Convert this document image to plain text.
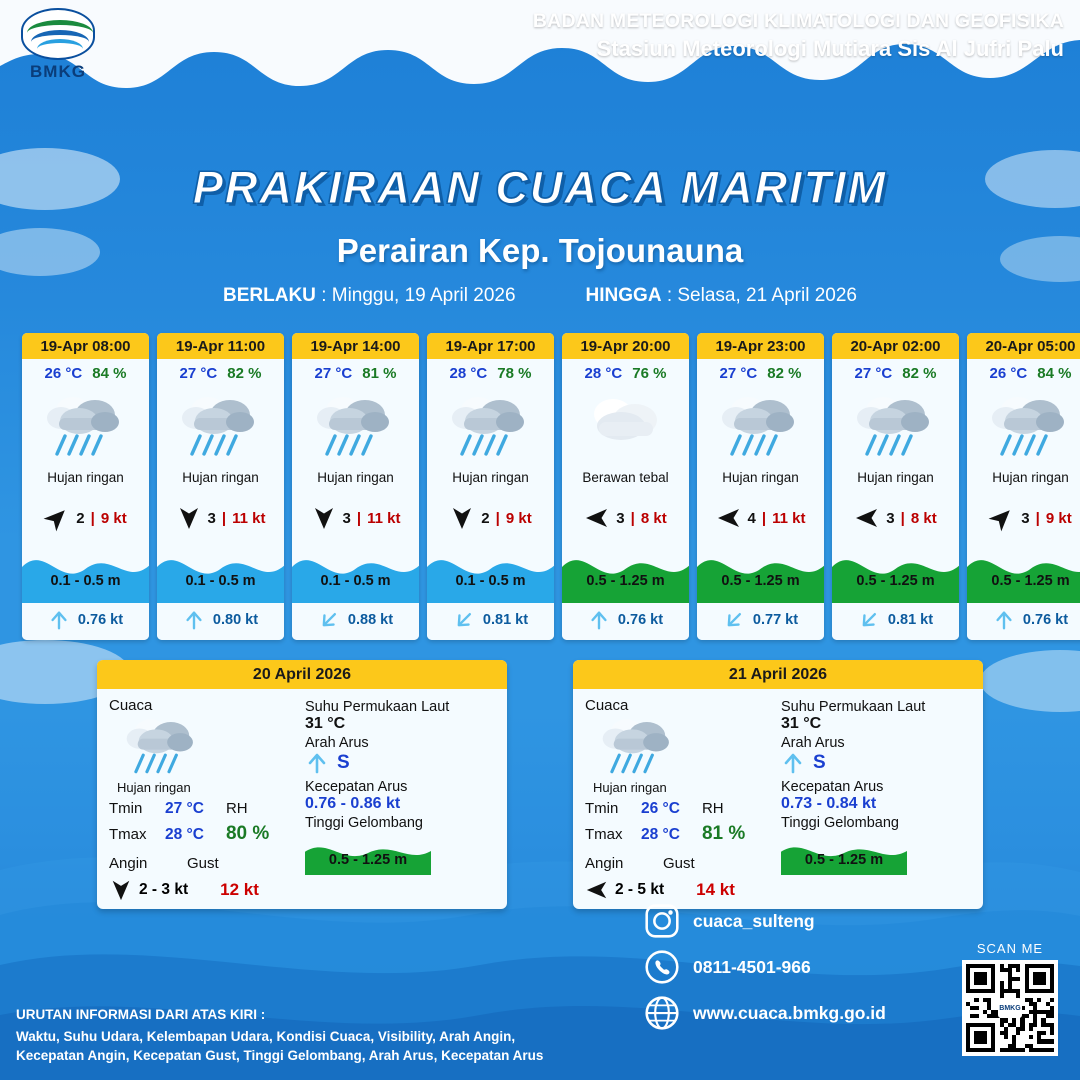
BMKG
BADAN METEOROLOGI KLIMATOLOGI DAN GEOFISIKA
Stasiun Meteorologi Mutiara Sis Al Jufri Palu
PRAKIRAAN CUACA MARITIM
Perairan Kep. Tojounauna
BERLAKU : Minggu, 19 April 2026	HINGGA : Selasa, 21 April 2026
19-Apr 08:00
26 °C 84 %
Hujan ringan
2 | 9 kt
0.1 - 0.5 m
0.76 kt
19-Apr 11:00
27 °C 82 %
Hujan ringan
3 | 11 kt
0.1 - 0.5 m
0.80 kt
19-Apr 14:00
27 °C 81 %
Hujan ringan
3 | 11 kt
0.1 - 0.5 m
0.88 kt
19-Apr 17:00
28 °C 78 %
Hujan ringan
2 | 9 kt
0.1 - 0.5 m
0.81 kt
19-Apr 20:00
28 °C 76 %
Berawan tebal
3 | 8 kt
0.5 - 1.25 m
0.76 kt
19-Apr 23:00
27 °C 82 %
Hujan ringan
4 | 11 kt
0.5 - 1.25 m
0.77 kt
20-Apr 02:00
27 °C 82 %
Hujan ringan
3 | 8 kt
0.5 - 1.25 m
0.81 kt
20-Apr 05:00
26 °C 84 %
Hujan ringan
3 | 9 kt
0.5 - 1.25 m
0.76 kt
20 April 2026
Cuaca
Hujan ringan
Tmin	27 °C RH
Tmax	28 °C 80 %
Angin	Gust
2 - 3 kt 12 kt
Suhu Permukaan Laut
31 °C
Arah Arus
S
Kecepatan Arus
0.76 - 0.86 kt
Tinggi Gelombang
0.5 - 1.25 m
21 April 2026
Cuaca
Hujan ringan
Tmin	26 °C RH
Tmax	28 °C 81 %
Angin	Gust
2 - 5 kt 14 kt
Suhu Permukaan Laut
31 °C
Arah Arus
S
Kecepatan Arus
0.73 - 0.84 kt
Tinggi Gelombang
0.5 - 1.25 m
URUTAN INFORMASI DARI ATAS KIRI :
Waktu, Suhu Udara, Kelembapan Udara, Kondisi Cuaca, Visibility, Arah Angin,
Kecepatan Angin, Kecepatan Gust, Tinggi Gelombang, Arah Arus, Kecepatan Arus
cuaca_sulteng
0811-4501-966
www.cuaca.bmkg.go.id
SCAN ME
BMKG
